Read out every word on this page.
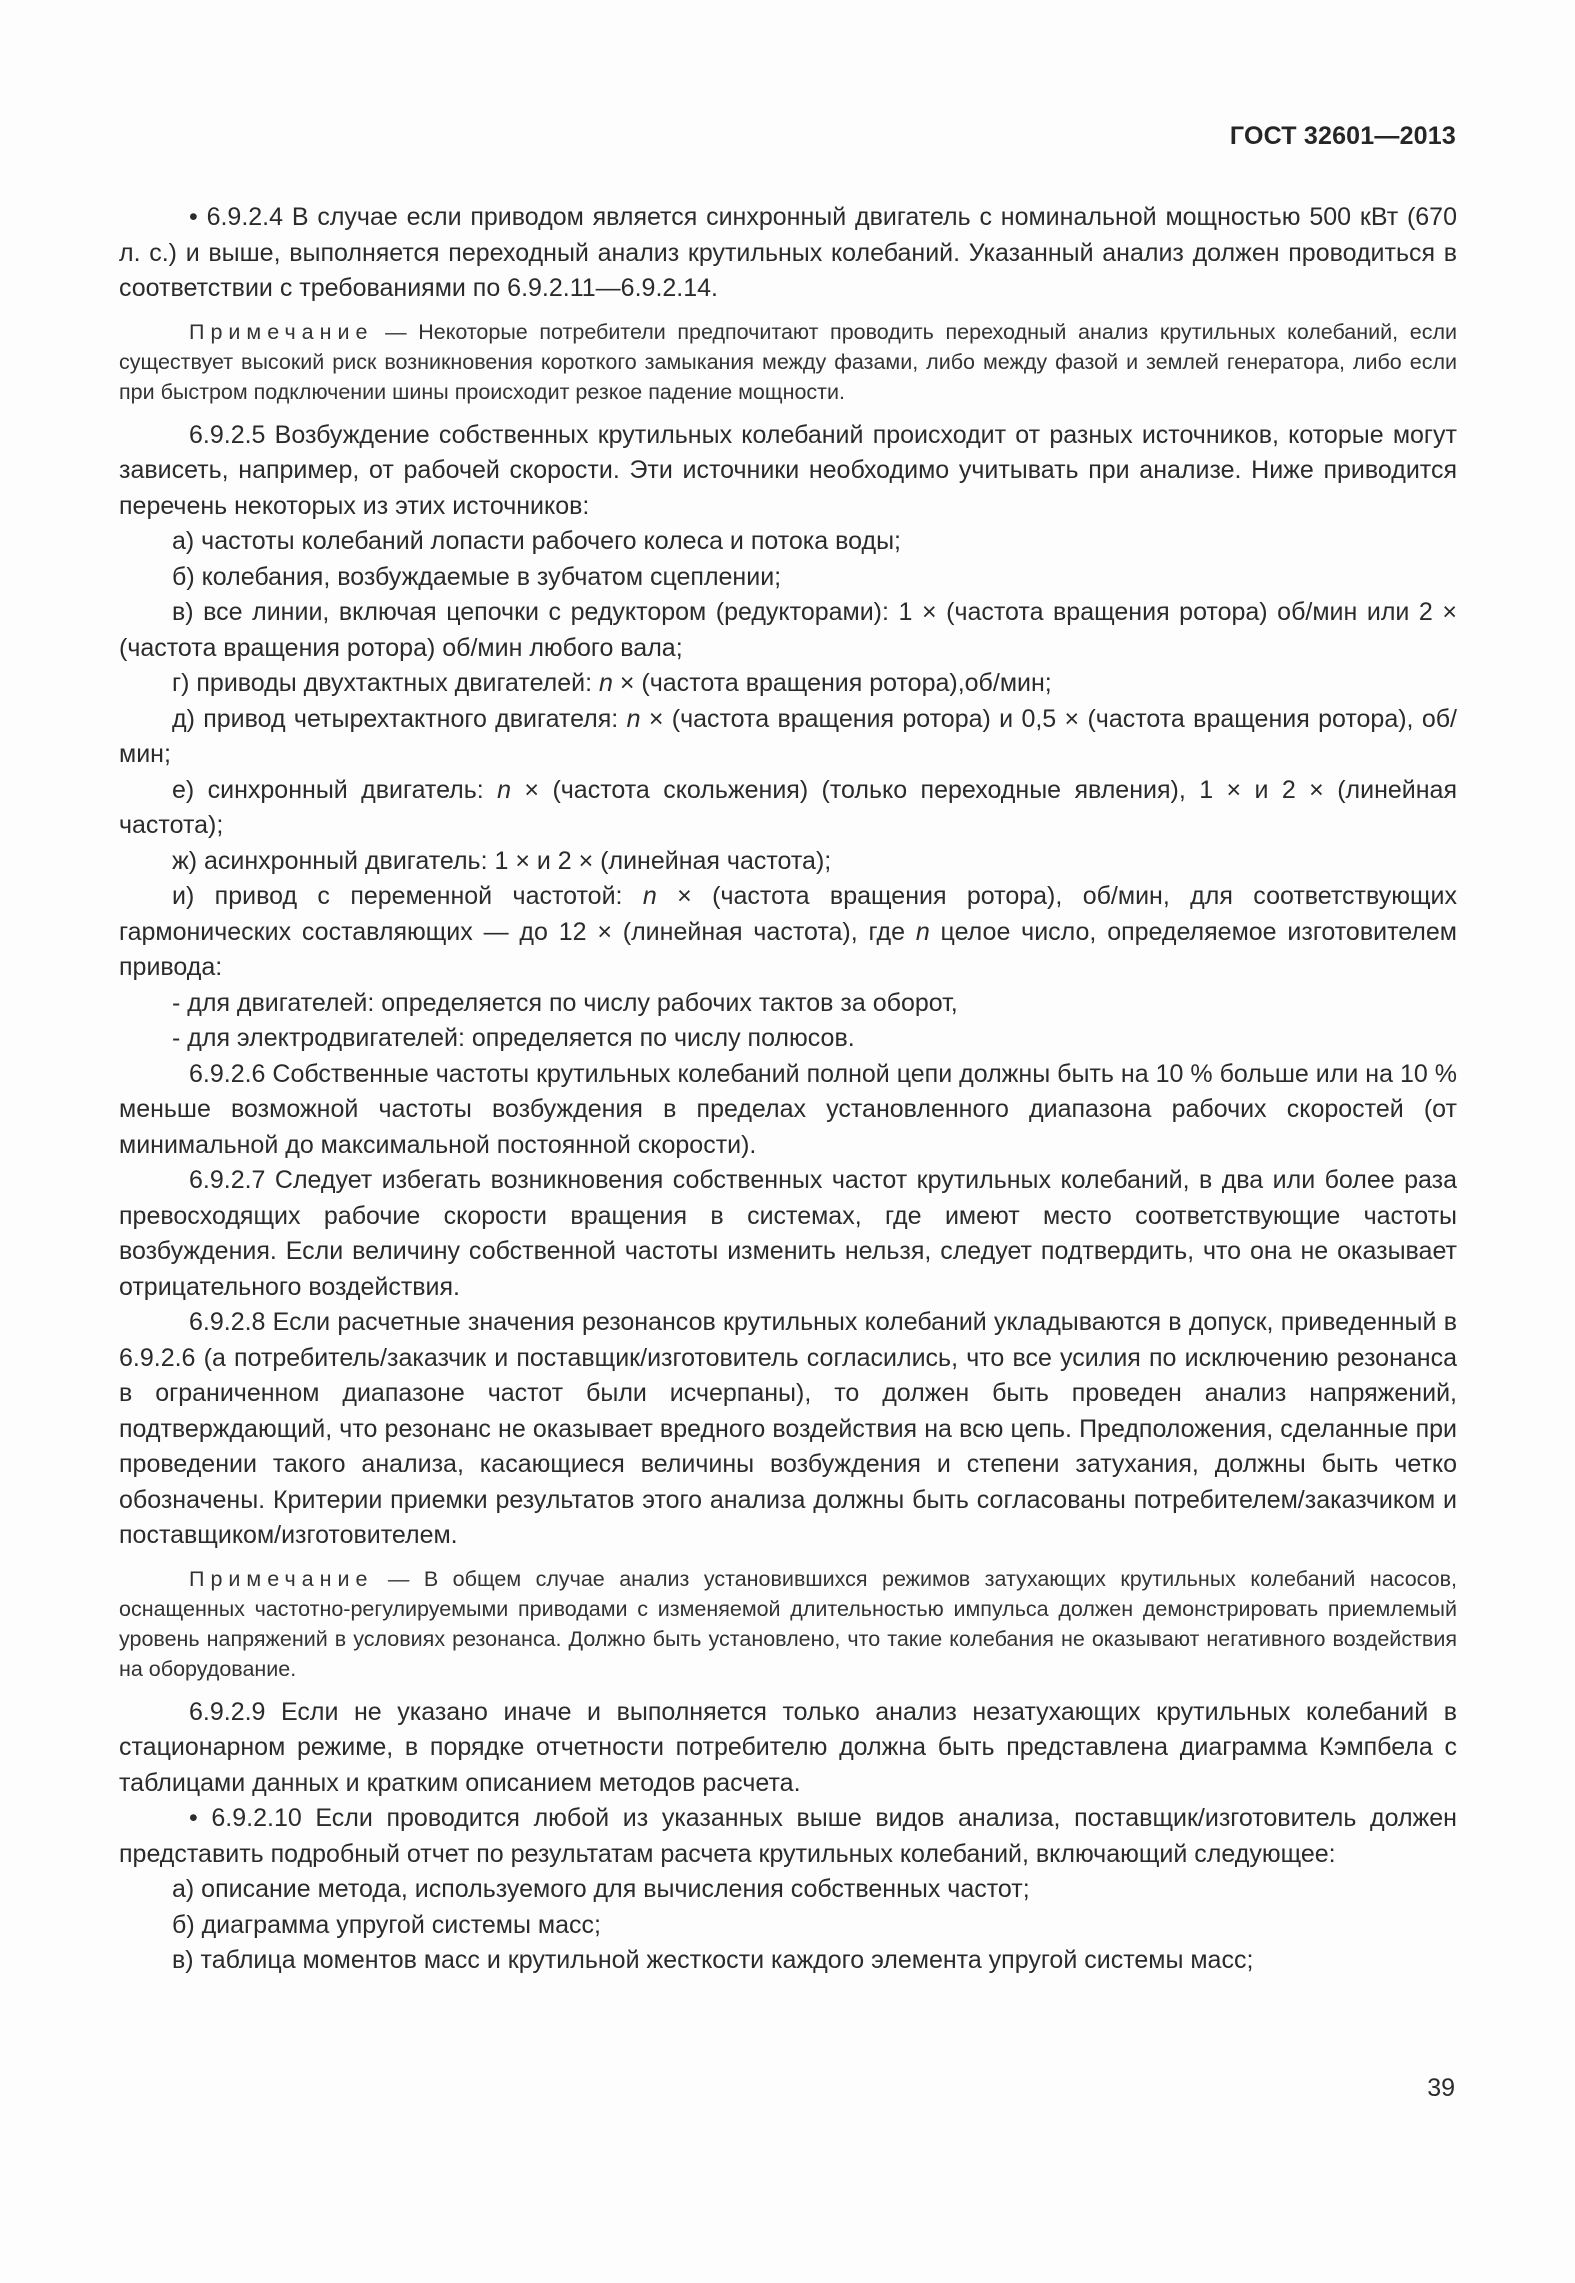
ГОСТ 32601—2013

• 6.9.2.4 В случае если приводом является синхронный двигатель с номинальной мощностью 500 кВт (670 л. с.) и выше, выполняется переходный анализ крутильных колебаний. Указанный анализ должен проводиться в соответствии с требованиями по 6.9.2.11—6.9.2.14.

Примечание — Некоторые потребители предпочитают проводить переходный анализ крутильных колебаний, если существует высокий риск возникновения короткого замыкания между фазами, либо между фазой и землей генератора, либо если при быстром подключении шины происходит резкое падение мощности.

6.9.2.5 Возбуждение собственных крутильных колебаний происходит от разных источников, которые могут зависеть, например, от рабочей скорости. Эти источники необходимо учитывать при анализе. Ниже приводится перечень некоторых из этих источников:

а) частоты колебаний лопасти рабочего колеса и потока воды;

б) колебания, возбуждаемые в зубчатом сцеплении;

в) все линии, включая цепочки с редуктором (редукторами): 1 × (частота вращения ротора) об/мин или 2 × (частота вращения ротора) об/мин любого вала;

г) приводы двухтактных двигателей: n × (частота вращения ротора),об/мин;

д) привод четырехтактного двигателя: n × (частота вращения ротора) и 0,5 × (частота вращения ротора), об/мин;

е) синхронный двигатель: n × (частота скольжения) (только переходные явления), 1 × и 2 × (линейная частота);

ж) асинхронный двигатель: 1 × и 2 × (линейная частота);

и) привод с переменной частотой: n × (частота вращения ротора), об/мин, для соответствующих гармонических составляющих — до 12 × (линейная частота), где n целое число, определяемое изготовителем привода:

- для двигателей: определяется по числу рабочих тактов за оборот,

- для электродвигателей: определяется по числу полюсов.

6.9.2.6 Собственные частоты крутильных колебаний полной цепи должны быть на 10 % больше или на 10 % меньше возможной частоты возбуждения в пределах установленного диапазона рабочих скоростей (от минимальной до максимальной постоянной скорости).

6.9.2.7 Следует избегать возникновения собственных частот крутильных колебаний, в два или более раза превосходящих рабочие скорости вращения в системах, где имеют место соответствующие частоты возбуждения. Если величину собственной частоты изменить нельзя, следует подтвердить, что она не оказывает отрицательного воздействия.

6.9.2.8 Если расчетные значения резонансов крутильных колебаний укладываются в допуск, приведенный в 6.9.2.6 (а потребитель/заказчик и поставщик/изготовитель согласились, что все усилия по исключению резонанса в ограниченном диапазоне частот были исчерпаны), то должен быть проведен анализ напряжений, подтверждающий, что резонанс не оказывает вредного воздействия на всю цепь. Предположения, сделанные при проведении такого анализа, касающиеся величины возбуждения и степени затухания, должны быть четко обозначены. Критерии приемки результатов этого анализа должны быть согласованы потребителем/заказчиком и поставщиком/изготовителем.

Примечание — В общем случае анализ установившихся режимов затухающих крутильных колебаний насосов, оснащенных частотно-регулируемыми приводами с изменяемой длительностью импульса должен демонстрировать приемлемый уровень напряжений в условиях резонанса. Должно быть установлено, что такие колебания не оказывают негативного воздействия на оборудование.

6.9.2.9 Если не указано иначе и выполняется только анализ незатухающих крутильных колебаний в стационарном режиме, в порядке отчетности потребителю должна быть представлена диаграмма Кэмпбела с таблицами данных и кратким описанием методов расчета.

• 6.9.2.10 Если проводится любой из указанных выше видов анализа, поставщик/изготовитель должен представить подробный отчет по результатам расчета крутильных колебаний, включающий следующее:

а) описание метода, используемого для вычисления собственных частот;

б) диаграмма упругой системы масс;

в) таблица моментов масс и крутильной жесткости каждого элемента упругой системы масс;

39
